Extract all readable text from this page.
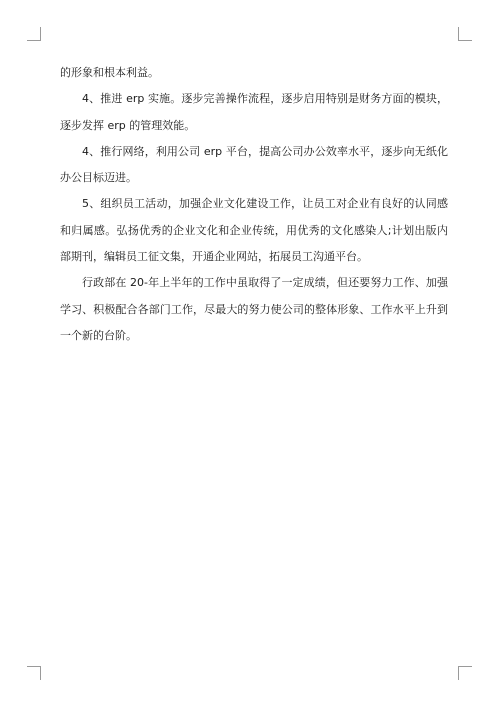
的形象和根本利益。

4、推进 erp 实施。逐步完善操作流程，逐步启用特别是财务方面的模块，逐步发挥 erp 的管理效能。

4、推行网络，利用公司 erp 平台，提高公司办公效率水平，逐步向无纸化办公目标迈进。

5、组织员工活动，加强企业文化建设工作，让员工对企业有良好的认同感和归属感。弘扬优秀的企业文化和企业传统，用优秀的文化感染人;计划出版内部期刊，编辑员工征文集，开通企业网站，拓展员工沟通平台。

行政部在 20-年上半年的工作中虽取得了一定成绩，但还要努力工作、加强学习、积极配合各部门工作，尽最大的努力使公司的整体形象、工作水平上升到一个新的台阶。
